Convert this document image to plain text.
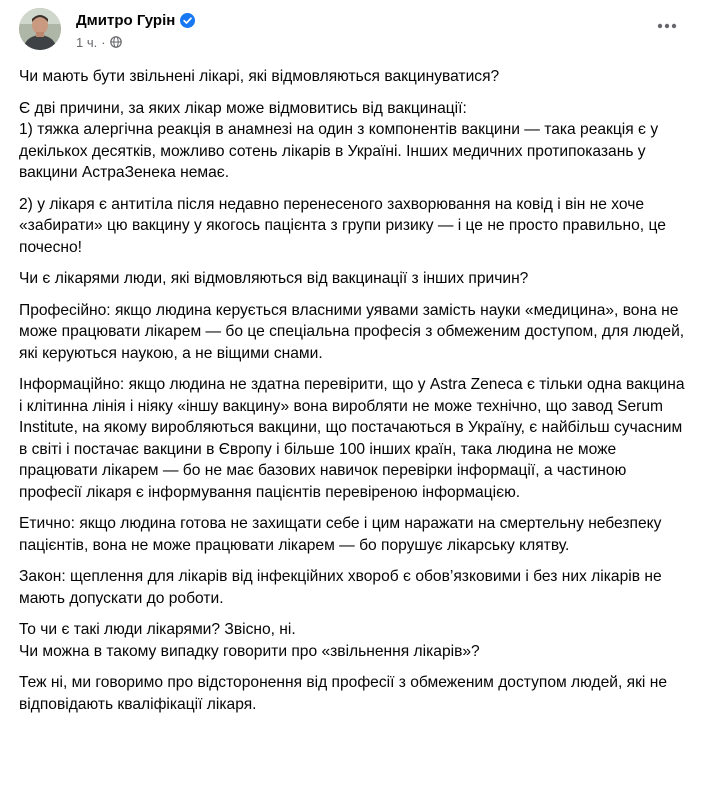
Дмитро Гурін
1 ч. ·

Чи мають бути звільнені лікарі, які відмовляються вакцинуватися?

Є дві причини, за яких лікар може відмовитись від вакцинації:
1) тяжка алергічна реакція в анамнезі на один з компонентів вакцини — така реакція є у декількох десятків, можливо сотень лікарів в Україні. Інших медичних протипоказань у вакцини АстраЗенека немає.

2) у лікаря є антитіла після недавно перенесеного захворювання на ковід і він не хоче «забирати» цю вакцину у якогось пацієнта з групи ризику — і це не просто правильно, це почесно!

Чи є лікарями люди, які відмовляються від вакцинації з інших причин?

Професійно: якщо людина керується власними уявами замість науки «медицина», вона не може працювати лікарем — бо це спеціальна професія з обмеженим доступом, для людей, які керуються наукою, а не віщими снами.

Інформаційно: якщо людина не здатна перевірити, що у Astra Zeneca є тільки одна вакцина і клітинна лінія і ніяку «іншу вакцину» вона виробляти не може технічно, що завод Serum Institute, на якому виробляються вакцини, що постачаються в Україну, є найбільш сучасним в світі і постачає вакцини в Європу і більше 100 інших країн, така людина не може працювати лікарем — бо не має базових навичок перевірки інформації, а частиною професії лікаря є інформування пацієнтів перевіреною інформацією.

Етично: якщо людина готова не захищати себе і цим наражати на смертельну небезпеку пацієнтів, вона не може працювати лікарем — бо порушує лікарську клятву.

Закон: щеплення для лікарів від інфекційних хвороб є обов’язковими і без них лікарів не мають допускати до роботи.

То чи є такі люди лікарями? Звісно, ні.
Чи можна в такому випадку говорити про «звільнення лікарів»?

Теж ні, ми говоримо про відсторонення від професії з обмеженим доступом людей, які не відповідають кваліфікації лікаря.
